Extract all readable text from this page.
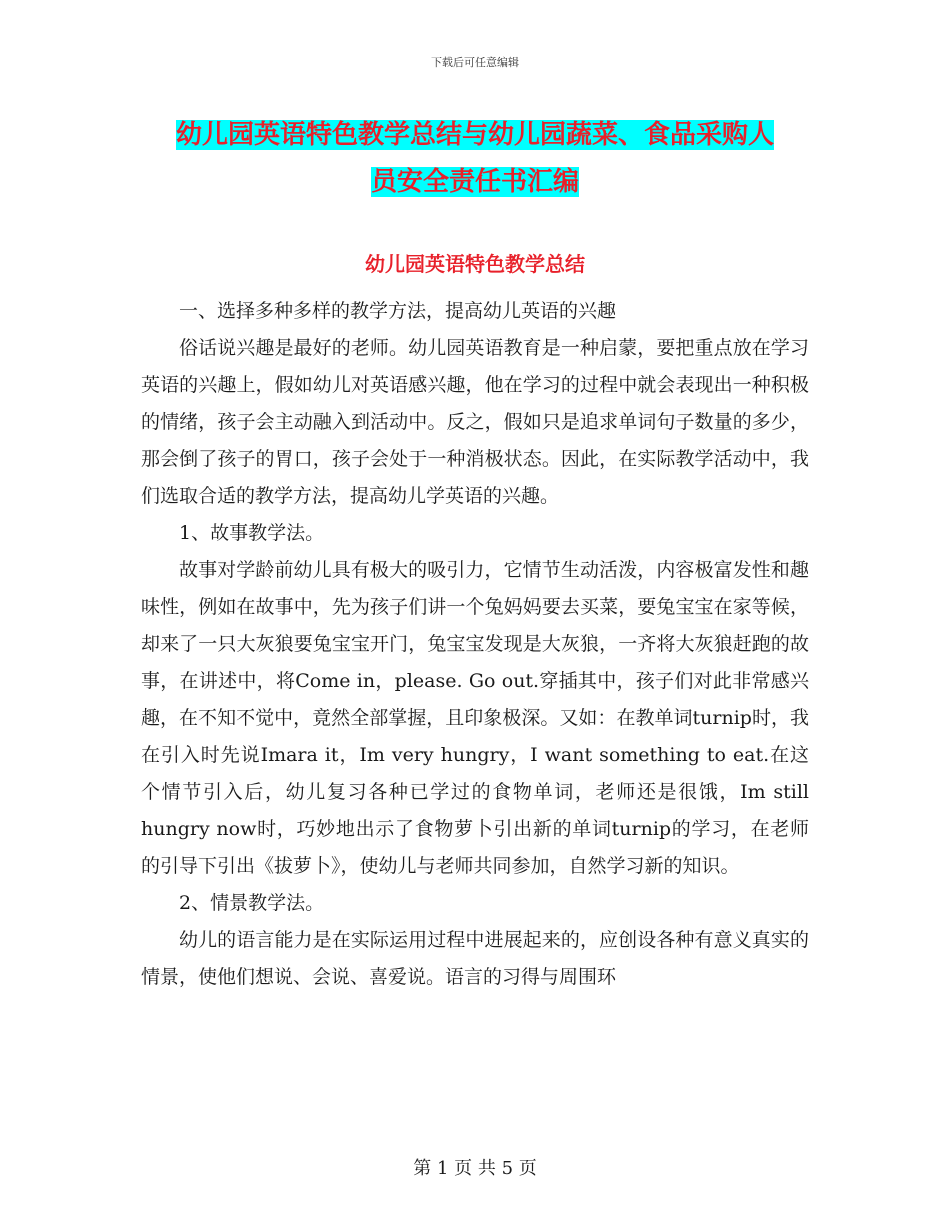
下载后可任意编辑
幼儿园英语特色教学总结与幼儿园蔬菜、食品采购人
员安全责任书汇编
幼儿园英语特色教学总结

一、选择多种多样的教学方法，提高幼儿英语的兴趣

俗话说兴趣是最好的老师。幼儿园英语教育是一种启蒙，要把重点放在学习英语的兴趣上，假如幼儿对英语感兴趣，他在学习的过程中就会表现出一种积极的情绪，孩子会主动融入到活动中。反之，假如只是追求单词句子数量的多少，那会倒了孩子的胃口，孩子会处于一种消极状态。因此，在实际教学活动中，我们选取合适的教学方法，提高幼儿学英语的兴趣。

1、故事教学法。

故事对学龄前幼儿具有极大的吸引力，它情节生动活泼，内容极富发性和趣味性，例如在故事中，先为孩子们讲一个兔妈妈要去买菜，要兔宝宝在家等候，却来了一只大灰狼要兔宝宝开门，兔宝宝发现是大灰狼，一齐将大灰狼赶跑的故事，在讲述中，将Come in，please. Go out.穿插其中，孩子们对此非常感兴趣，在不知不觉中，竟然全部掌握，且印象极深。又如：在教单词turnip时，我在引入时先说Imara it，Im very hungry，I want something to eat.在这个情节引入后，幼儿复习各种已学过的食物单词，老师还是很饿，Im still hungry now时，巧妙地出示了食物萝卜引出新的单词turnip的学习，在老师的引导下引出《拔萝卜》，使幼儿与老师共同参加，自然学习新的知识。

2、情景教学法。

幼儿的语言能力是在实际运用过程中进展起来的，应创设各种有意义真实的情景，使他们想说、会说、喜爱说。语言的习得与周围环

第 1 页 共 5 页
